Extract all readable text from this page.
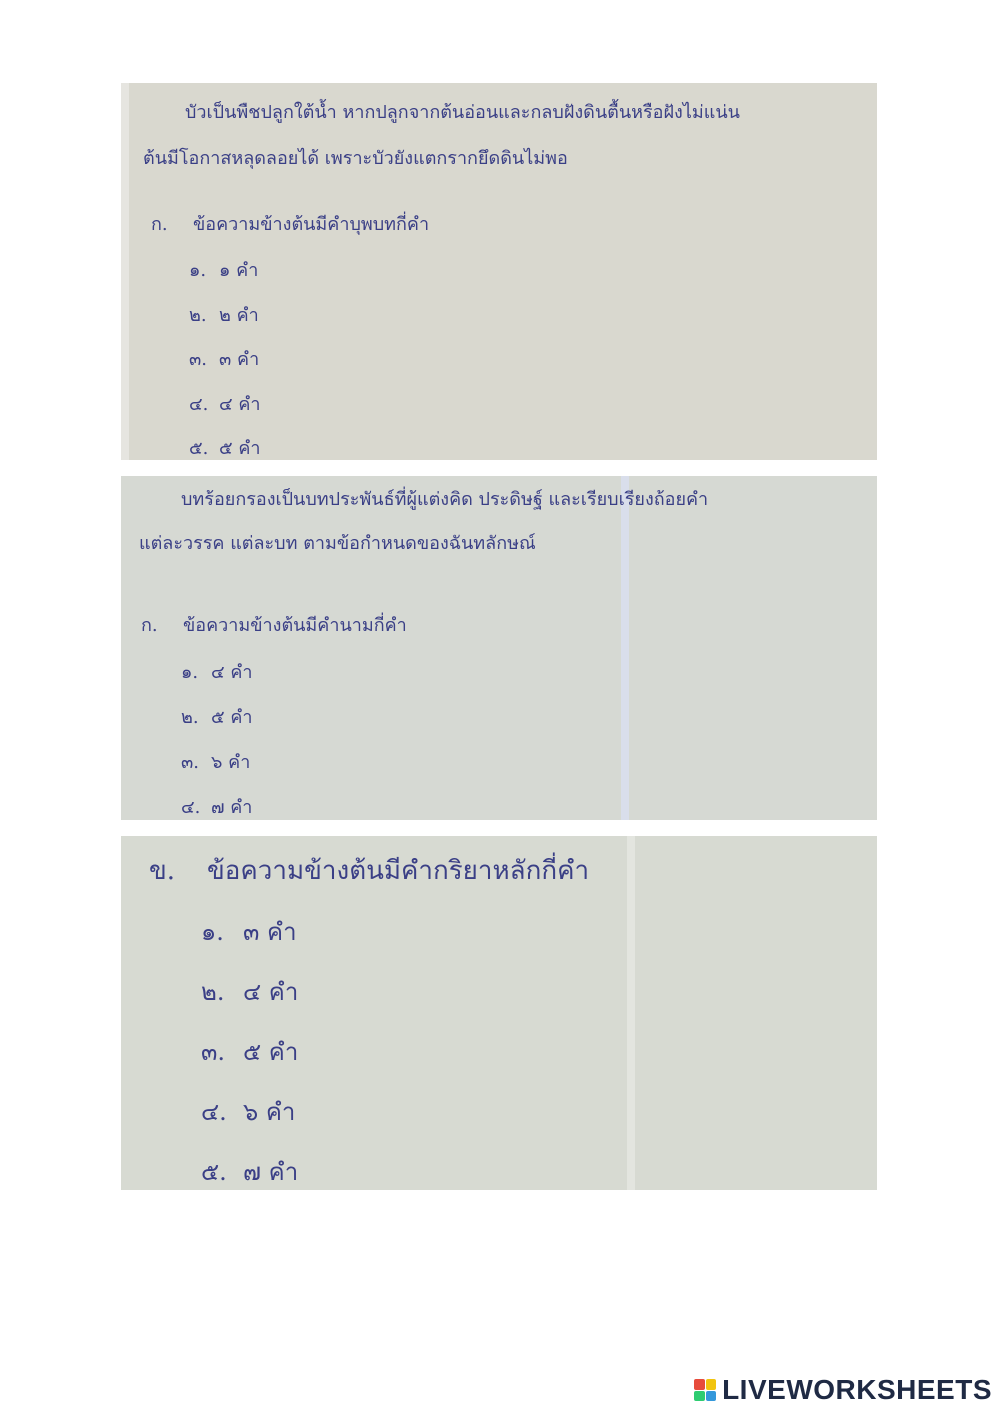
บัวเป็นพืชปลูกใต้น้ำ หากปลูกจากต้นอ่อนและกลบฝังดินตื้นหรือฝังไม่แน่น
ต้นมีโอกาสหลุดลอยได้ เพราะบัวยังแตกรากยึดดินไม่พอ
ก. ข้อความข้างต้นมีคำบุพบทกี่คำ
๑. ๑ คำ
๒. ๒ คำ
๓. ๓ คำ
๔. ๔ คำ
๕. ๕ คำ
บทร้อยกรองเป็นบทประพันธ์ที่ผู้แต่งคิด ประดิษฐ์ และเรียบเรียงถ้อยคำ
แต่ละวรรค แต่ละบท ตามข้อกำหนดของฉันทลักษณ์
ก. ข้อความข้างต้นมีคำนามกี่คำ
๑. ๔ คำ
๒. ๕ คำ
๓. ๖ คำ
๔. ๗ คำ
ข. ข้อความข้างต้นมีคำกริยาหลักกี่คำ
๑. ๓ คำ
๒. ๔ คำ
๓. ๕ คำ
๔. ๖ คำ
๕. ๗ คำ
LIVEWORKSHEETS
